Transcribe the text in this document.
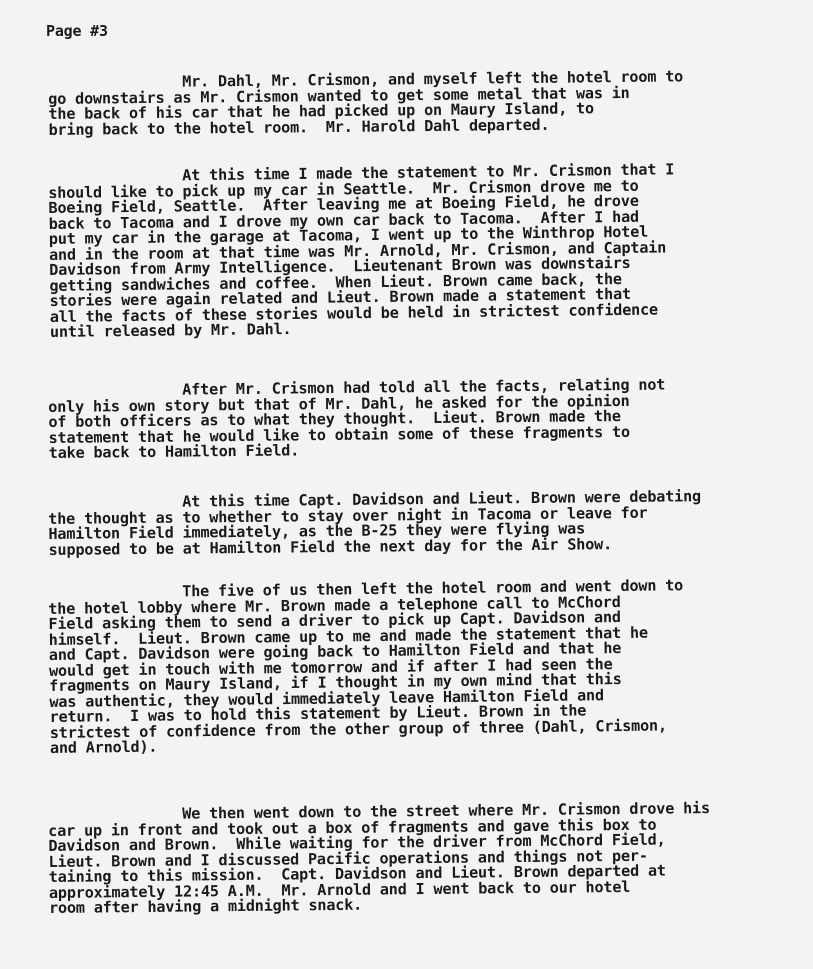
Page #3

Mr. Dahl, Mr. Crismon, and myself left the hotel room to
go downstairs as Mr. Crismon wanted to get some metal that was in
the back of his car that he had picked up on Maury Island, to
bring back to the hotel room.  Mr. Harold Dahl departed.

At this time I made the statement to Mr. Crismon that I
should like to pick up my car in Seattle.  Mr. Crismon drove me to
Boeing Field, Seattle.  After leaving me at Boeing Field, he drove
back to Tacoma and I drove my own car back to Tacoma.  After I had
put my car in the garage at Tacoma, I went up to the Winthrop Hotel
and in the room at that time was Mr. Arnold, Mr. Crismon, and Captain
Davidson from Army Intelligence.  Lieutenant Brown was downstairs
getting sandwiches and coffee.  When Lieut. Brown came back, the
stories were again related and Lieut. Brown made a statement that
all the facts of these stories would be held in strictest confidence
until released by Mr. Dahl.

After Mr. Crismon had told all the facts, relating not
only his own story but that of Mr. Dahl, he asked for the opinion
of both officers as to what they thought.  Lieut. Brown made the
statement that he would like to obtain some of these fragments to
take back to Hamilton Field.

At this time Capt. Davidson and Lieut. Brown were debating
the thought as to whether to stay over night in Tacoma or leave for
Hamilton Field immediately, as the B-25 they were flying was
supposed to be at Hamilton Field the next day for the Air Show.

The five of us then left the hotel room and went down to
the hotel lobby where Mr. Brown made a telephone call to McChord
Field asking them to send a driver to pick up Capt. Davidson and
himself.  Lieut. Brown came up to me and made the statement that he
and Capt. Davidson were going back to Hamilton Field and that he
would get in touch with me tomorrow and if after I had seen the
fragments on Maury Island, if I thought in my own mind that this
was authentic, they would immediately leave Hamilton Field and
return.  I was to hold this statement by Lieut. Brown in the
strictest of confidence from the other group of three (Dahl, Crismon,
and Arnold).

We then went down to the street where Mr. Crismon drove his
car up in front and took out a box of fragments and gave this box to
Davidson and Brown.  While waiting for the driver from McChord Field,
Lieut. Brown and I discussed Pacific operations and things not per-
taining to this mission.  Capt. Davidson and Lieut. Brown departed at
approximately 12:45 A.M.  Mr. Arnold and I went back to our hotel
room after having a midnight snack.
